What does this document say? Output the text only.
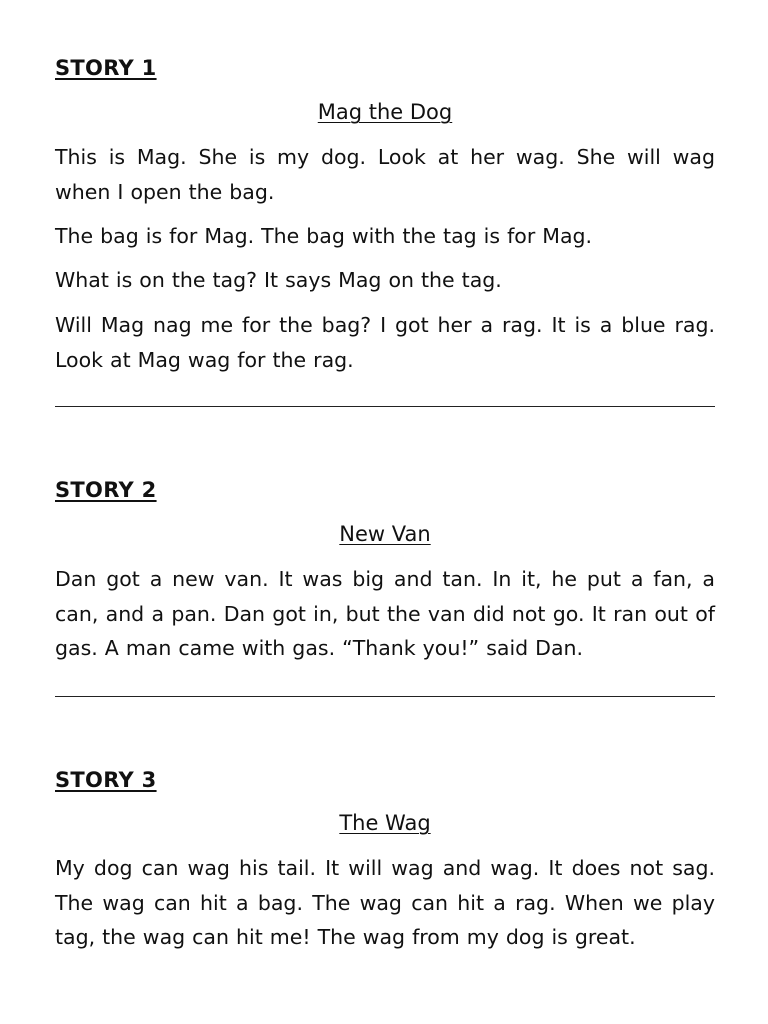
STORY 1
Mag the Dog

This is Mag. She is my dog. Look at her wag. She will wag when I open the bag.

The bag is for Mag. The bag with the tag is for Mag.

What is on the tag? It says Mag on the tag.

Will Mag nag me for the bag? I got her a rag. It is a blue rag. Look at Mag wag for the rag.

STORY 2
New Van

Dan got a new van. It was big and tan. In it, he put a fan, a can, and a pan. Dan got in, but the van did not go. It ran out of gas. A man came with gas. “Thank you!” said Dan.

STORY 3
The Wag

My dog can wag his tail. It will wag and wag. It does not sag. The wag can hit a bag. The wag can hit a rag. When we play tag, the wag can hit me! The wag from my dog is great.
